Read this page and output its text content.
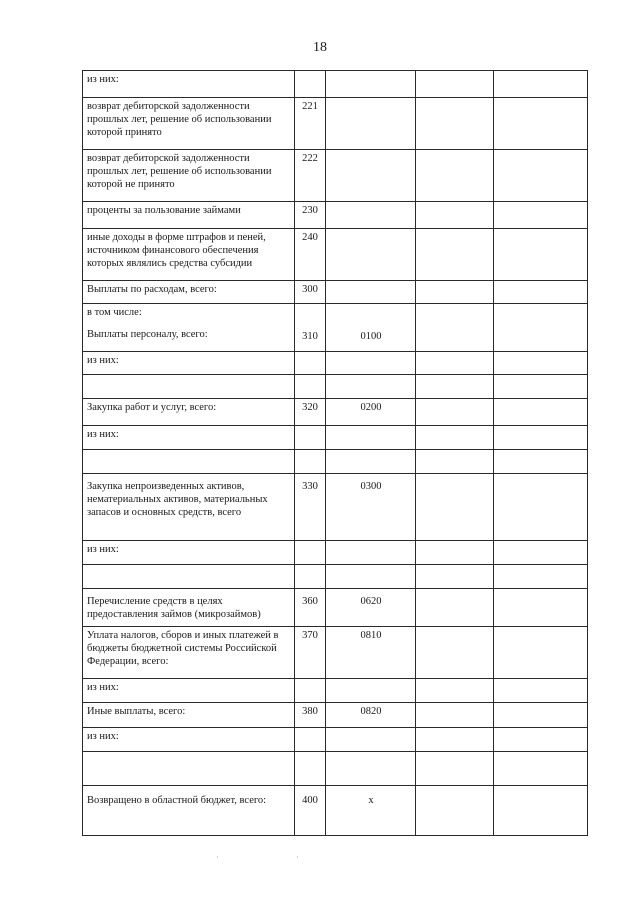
18
из них:				
возврат дебиторской задолженности прошлых лет, решение об использовании которой принято	221			
возврат дебиторской задолженности прошлых лет, решение об использовании которой не принято	222			
проценты за пользование займами	230			
иные доходы в форме штрафов и пеней, источником финансового обеспечения которых являлись средства субсидии	240			
Выплаты по расходам, всего:	300			

в том числе:
Выплаты персоналу, всего:	310	0100		
из них:				

Закупка работ и услуг, всего:	320	0200		
из них:				

Закупка непроизведенных активов, нематериальных активов, материальных запасов и основных средств, всего	330	0300		
из них:				

Перечисление средств в целях предоставления займов (микрозаймов)	360	0620		
Уплата налогов, сборов и иных платежей в бюджеты бюджетной системы Российской Федерации, всего:	370	0810		
из них:				
Иные выплаты, всего:	380	0820		
из них:				

Возвращено в областной бюджет, всего:	400	x		
·	·
